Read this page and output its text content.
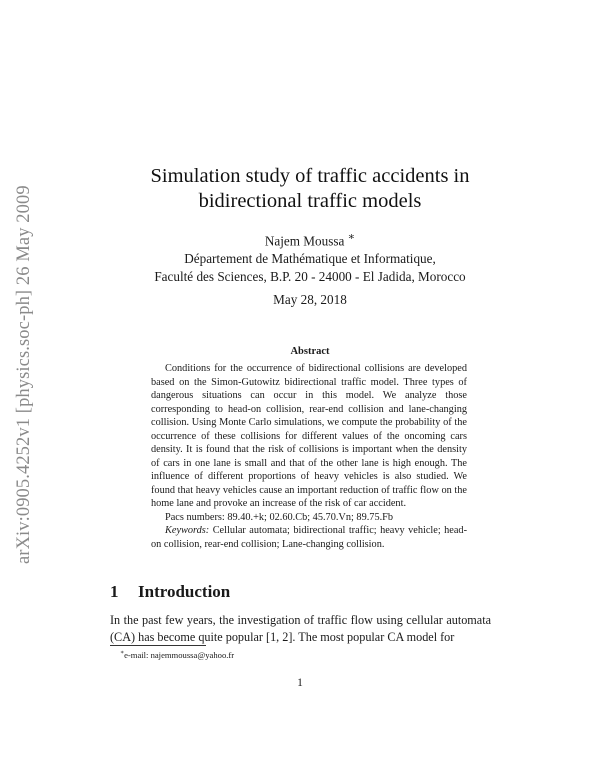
arXiv:0905.4252v1 [physics.soc-ph] 26 May 2009
Simulation study of traffic accidents in
bidirectional traffic models
Najem Moussa ∗
Département de Mathématique et Informatique,
Faculté des Sciences, B.P. 20 - 24000 - El Jadida, Morocco
May 28, 2018
Abstract

Conditions for the occurrence of bidirectional collisions are developed based on the Simon-Gutowitz bidirectional traffic model. Three types of dangerous situations can occur in this model. We analyze those corresponding to head-on collision, rear-end collision and lane-changing collision. Using Monte Carlo simulations, we compute the probability of the occurrence of these collisions for different values of the oncoming cars density. It is found that the risk of collisions is important when the density of cars in one lane is small and that of the other lane is high enough. The influence of different proportions of heavy vehicles is also studied. We found that heavy vehicles cause an important reduction of traffic flow on the home lane and provoke an increase of the risk of car accident.

Pacs numbers: 89.40.+k; 02.60.Cb; 45.70.Vn; 89.75.Fb

Keywords: Cellular automata; bidirectional traffic; heavy vehicle; head-on collision, rear-end collision; Lane-changing collision.

1 Introduction

In the past few years, the investigation of traffic flow using cellular automata (CA) has become quite popular [1, 2]. The most popular CA model for

∗e-mail: najemmoussa@yahoo.fr
1
